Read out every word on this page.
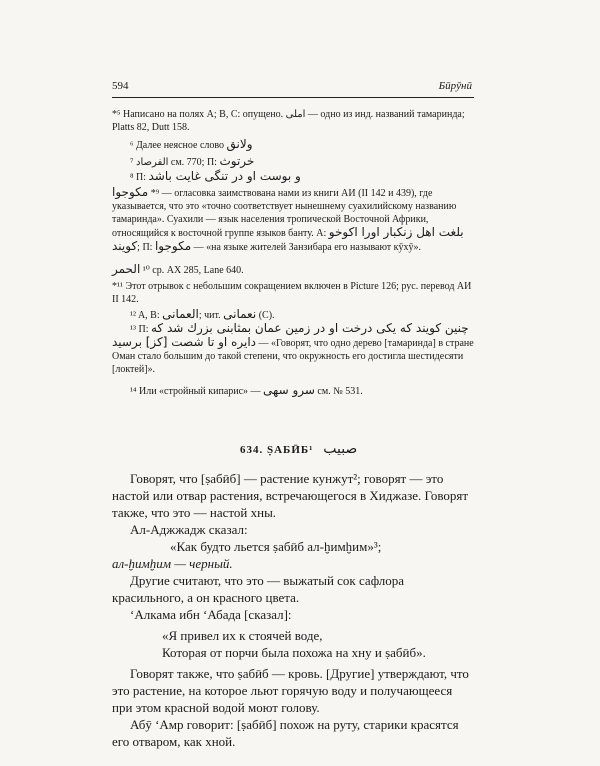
594	Бӣрӯнӣ
*⁵ Написано на полях A; B, C: опущено. املی — одно из инд. названий тамаринда; Platts 82, Dutt 158.
⁶ Далее неясное слово ولانق
⁷ الفرصاد см. 770; П: خرتوث
⁸ П: و بوست او در تنگی غایت باشد
مكوجوا *⁹ — огласовка заимствована нами из книги АИ (II 142 и 439), где указывается, что это «точно соответствует нынешнему суахилийскому названию тамаринда». Суахили — язык населения тропической Восточной Африки, относящийся к восточной группе языков банту. А: بلغت اهل زنكبار اورا اكوخو كويند; П: مكوجوا — «на языке жителей Занзибара его называют кӯхӯ».
الحمر ¹⁰ ср. АХ 285, Lane 640.
*¹¹ Этот отрывок с небольшим сокращением включен в Picture 126; рус. перевод АИ II 142.
¹² A, B: العمانی; чит. نعمانی (C).
¹³ П: چنین كویند كه یكی درخت او در زمین عمان بمثابنی بزرك شد كه دایره او تا شصت [كز] برسید — «Говорят, что одно дерево [тамаринда] в стране Оман стало большим до такой степени, что окружность его достигла шестидесяти [локтей]».
¹⁴ Или «стройный кипарис» — سرو سهی см. № 531.
634. ṢАБӢБ¹ صبیب

Говорят, что [ṣабӣб] — растение кунжут²; говорят — это настой или отвар растения, встречающегося в Хиджазе. Говорят также, что это — настой хны.

Ал-Аджжадж сказал:

«Как будто льется ṣабӣб ал-ḫимḫим»³;
ал-ḫимḫим — черный.

Другие считают, что это — выжатый сок сафлора красильного, а он красного цвета.

ʻАлкама ибн ʻАбада [сказал]:

«Я привел их к стоячей воде,
Которая от порчи была похожа на хну и ṣабӣб».

Говорят также, что ṣабӣб — кровь. [Другие] утверждают, что это растение, на которое льют горячую воду и получающееся при этом красной водой моют голову.

Абӯ ʻАмр говорит: [ṣабӣб] похож на руту, старики красятся его отваром, как хной.
